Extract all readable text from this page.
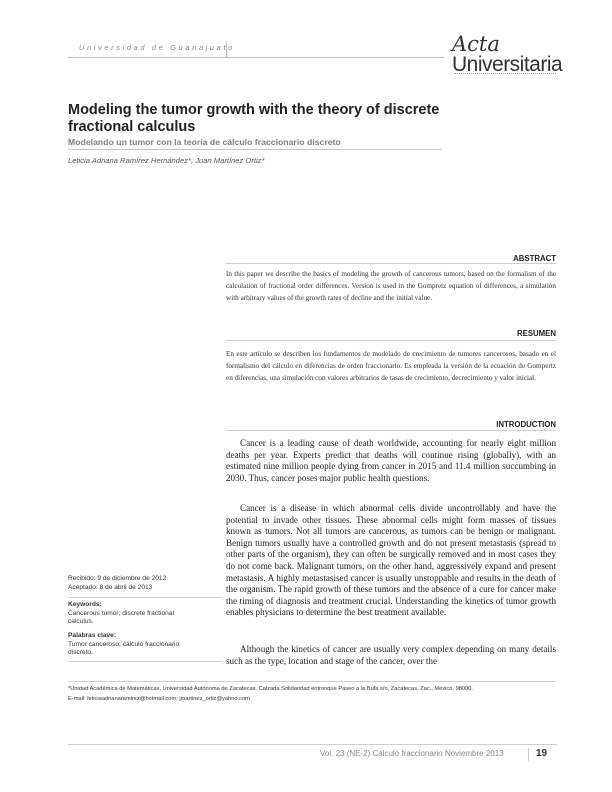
Universidad de Guanajuato	Acta
Universitaria
Modeling the tumor growth with the theory of discrete fractional calculus
Modelando un tumor con la teoría de cálculo fraccionario discreto
Leticia Adriana Ramírez Hernández*, Juan Martínez Ortiz*
ABSTRACT
In this paper we describe the basics of modeling the growth of cancerous tumors, based on the formalism of the calculation of fractional order differences. Version is used in the Gompretz equation of differences, a simulation with arbitrary values of the growth rates of decline and the initial value.
RESUMEN
En este artículo se describen los fundamentos de modelado de crecimiento de tumores cancerosos, basado en el formalismo del cálculo en diferencias de orden fraccionario. Es empleada la versión de la ecuación de Gompertz en diferencias, una simulación con valores arbitrarios de tasas de crecimiento, decrecimiento y valor inicial.
INTRODUCTION

Cancer is a leading cause of death worldwide, accounting for nearly eight million deaths per year. Experts predict that deaths will continue rising (globally), with an estimated nine million people dying from cancer in 2015 and 11.4 million succumbing in 2030. Thus, cancer poses major public health questions.

Cancer is a disease in which abnormal cells divide uncontrollably and have the potential to invade other tissues. These abnormal cells might form masses of tissues known as tumors. Not all tumors are cancerous, as tumors can be benign or malignant. Benign tumors usually have a controlled growth and do not present metastasis (spread to other parts of the organism), they can often be surgically removed and in most cases they do not come back. Malignant tumors, on the other hand, aggressively expand and present metastasis. A highly metastasised cancer is usually unstoppable and results in the death of the organism. The rapid growth of these tumors and the absence of a cure for cancer make the timing of diagnosis and treatment crucial. Understanding the kinetics of tumor growth enables physicians to determine the best treatment available.

Although the kinetics of cancer are usually very complex depending on many details such as the type, location and stage of the cancer, over the

Recibido: 9 de diciembre de 2012
Aceptado: 8 de abril de 2013
Keywords:
Cancerous tumor; discrete fractional calculus.
Palabras clave:
Tumor canceroso; cálculo fraccionario discreto.
*Unidad Académica de Matemáticas, Universidad Autónoma de Zacatecas. Calzada Solidaridad entronque Paseo a la Bufa s/n, Zacatecas, Zac., México. 98000.
E-mail: leticiaadrianaramirez@hotmail.com; jmartinez_ortiz@yahoo.com
Vol. 23 (NE-2) Cálculo fraccionario Noviembre 2013	19
